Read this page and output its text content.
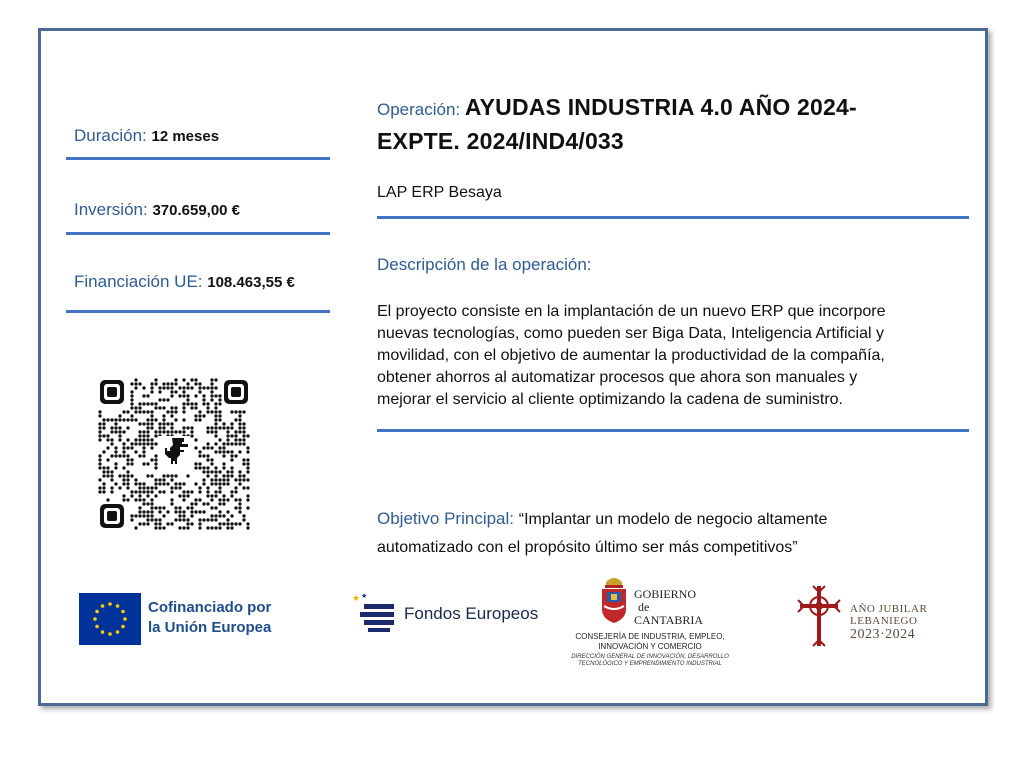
Duración: 12 meses
Inversión: 370.659,00 €
Financiación UE: 108.463,55 €
Operación: AYUDAS INDUSTRIA 4.0 AÑO 2024-
EXPTE. 2024/IND4/033
LAP ERP Besaya
Descripción de la operación:
El proyecto consiste en la implantación de un nuevo ERP que incorpore
nuevas tecnologías, como pueden ser Biga Data, Inteligencia Artificial y
movilidad, con el objetivo de aumentar la productividad de la compañía,
obtener ahorros al automatizar procesos que ahora son manuales y
mejorar el servicio al cliente optimizando la cadena de suministro.
Objetivo Principal: “Implantar un modelo de negocio altamente
automatizado con el propósito último ser más competitivos”
Cofinanciado por
la Unión Europea
★ ★
Fondos Europeos
GOBIERNO
de
CANTABRIA
CONSEJERÍA DE INDUSTRIA, EMPLEO,
INNOVACIÓN Y COMERCIO
DIRECCIÓN GENERAL DE INNOVACIÓN, DESARROLLO
TECNOLÓGICO Y EMPRENDIMIENTO INDUSTRIAL
AÑO JUBILAR
LEBANIEGO
2023·2024
